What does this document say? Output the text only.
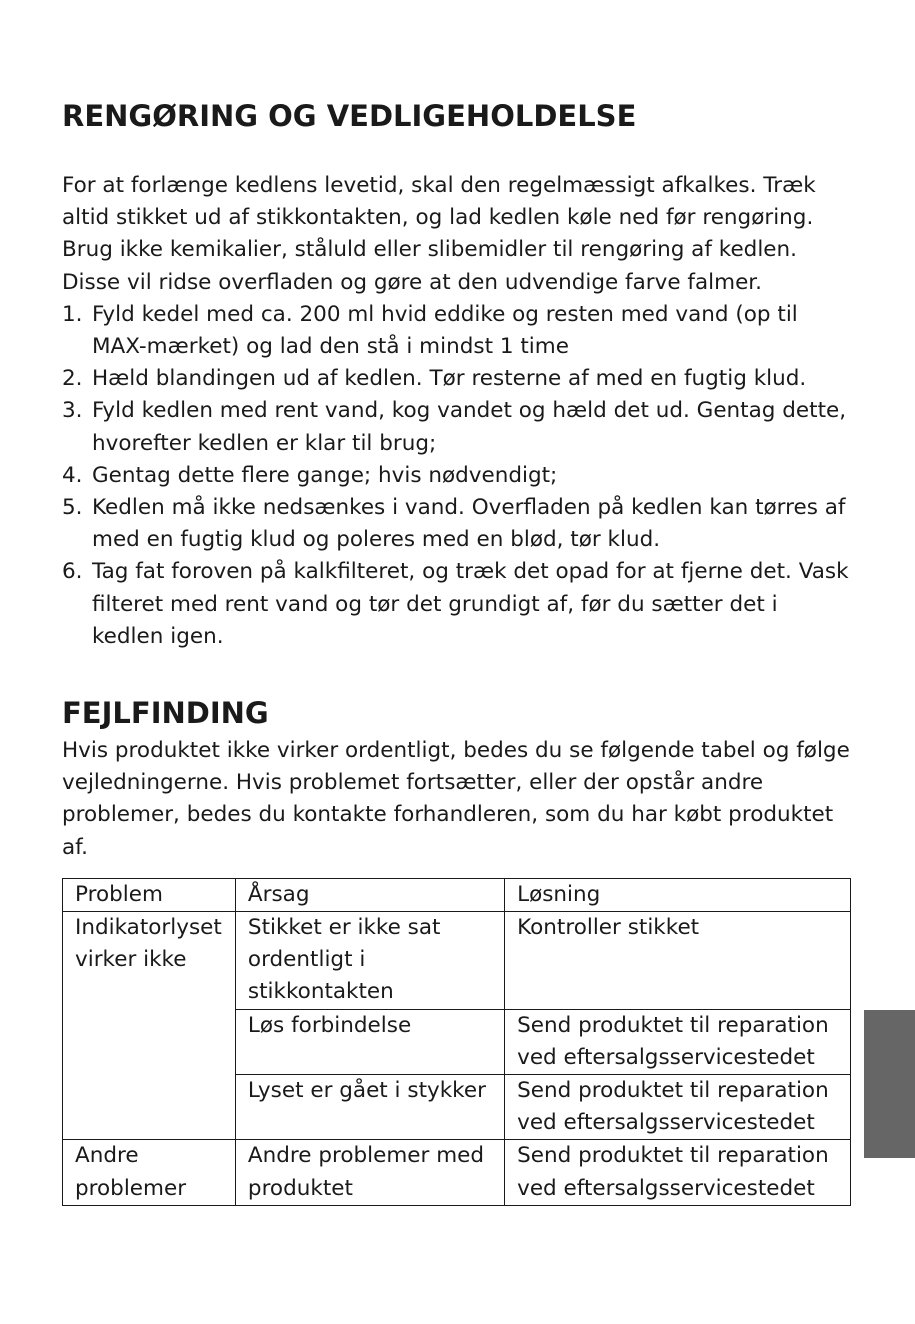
RENGØRING OG VEDLIGEHOLDELSE

For at forlænge kedlens levetid, skal den regelmæssigt afkalkes. Træk altid stikket ud af stikkontakten, og lad kedlen køle ned før rengøring. Brug ikke kemikalier, ståluld eller slibemidler til rengøring af kedlen. Disse vil ridse overfladen og gøre at den udvendige farve falmer.

1. Fyld kedel med ca. 200 ml hvid eddike og resten med vand (op til MAX-mærket) og lad den stå i mindst 1 time
2. Hæld blandingen ud af kedlen. Tør resterne af med en fugtig klud.
3. Fyld kedlen med rent vand, kog vandet og hæld det ud. Gentag dette, hvorefter kedlen er klar til brug;
4. Gentag dette flere gange; hvis nødvendigt;
5. Kedlen må ikke nedsænkes i vand. Overfladen på kedlen kan tørres af med en fugtig klud og poleres med en blød, tør klud.
6. Tag fat foroven på kalkfilteret, og træk det opad for at fjerne det. Vask filteret med rent vand og tør det grundigt af, før du sætter det i kedlen igen.
FEJLFINDING

Hvis produktet ikke virker ordentligt, bedes du se følgende tabel og følge vejledningerne. Hvis problemet fortsætter, eller der opstår andre problemer, bedes du kontakte forhandleren, som du har købt produktet af.

Problem	Årsag	Løsning
Indikatorlyset virker ikke	Stikket er ikke sat ordentligt i stikkontakten	Kontroller stikket
	Løs forbindelse	Send produktet til reparation ved eftersalgsservicestedet
	Lyset er gået i stykker	Send produktet til reparation ved eftersalgsservicestedet
Andre problemer	Andre problemer med produktet	Send produktet til reparation ved eftersalgsservicestedet
